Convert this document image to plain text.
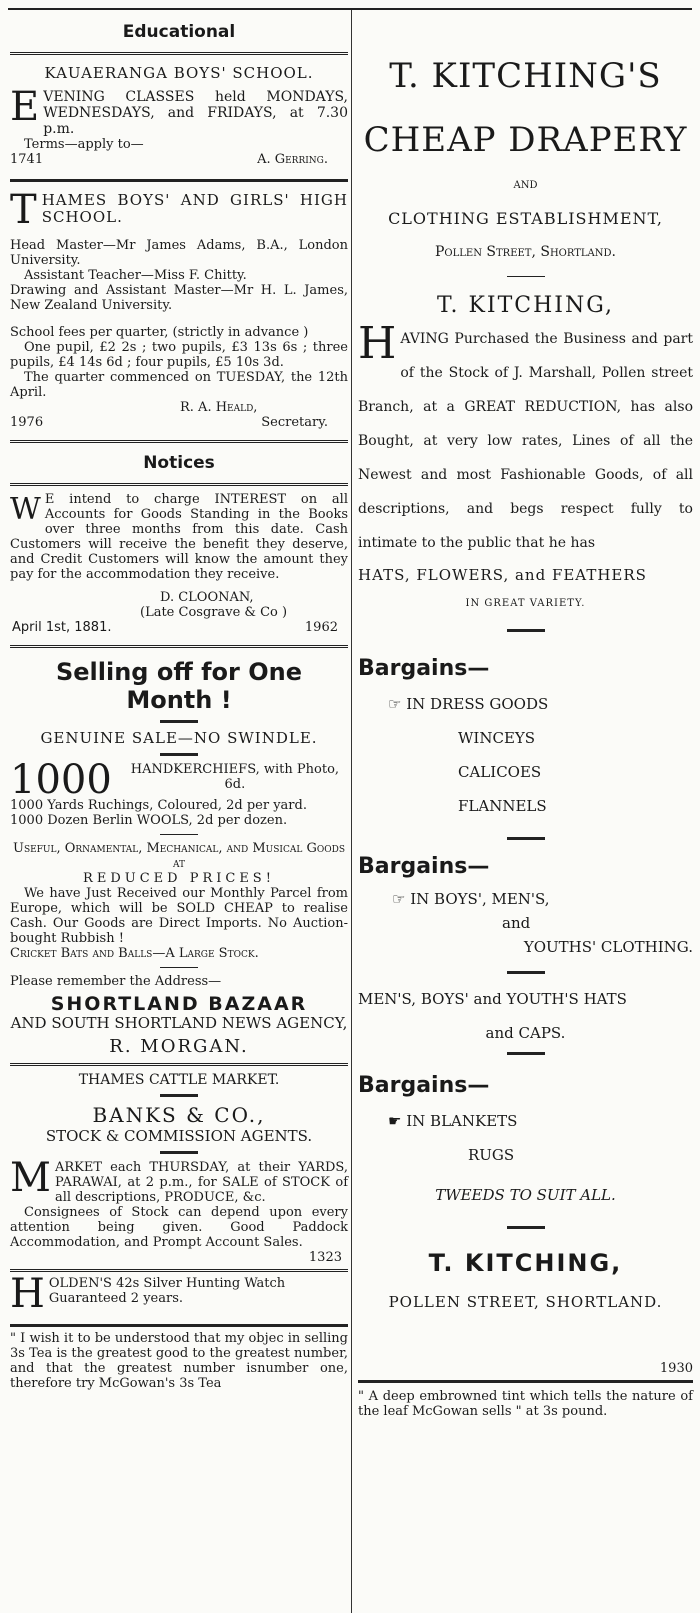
Educational

KAUAERANGA BOYS' SCHOOL.

EVENING CLASSES held MONDAYS, WEDNESDAYS, and FRIDAYS, at 7.30 p.m.

Terms—apply to—

1741	A. Gerring.

THAMES BOYS' AND GIRLS' HIGH SCHOOL.

Head Master—Mr James Adams, B.A., London University.

Assistant Teacher—Miss F. Chitty.

Drawing and Assistant Master—Mr H. L. James, New Zealand University.

School fees per quarter, (strictly in advance )

One pupil, £2 2s ; two pupils, £3 13s 6s ; three pupils, £4 14s 6d ; four pupils, £5 10s 3d.

The quarter commenced on TUESDAY, the 12th April.

R. A. Heald,

1976	Secretary.
Notices

W E intend to charge INTEREST on all Accounts for Goods Standing in the Books over three months from this date. Cash Customers will receive the benefit they deserve, and Credit Customers will know the amount they pay for the accommodation they receive.

D. CLOONAN,

(Late Cosgrave & Co )

April 1st, 1881.	1962

Selling off for One Month !

GENUINE SALE—NO SWINDLE.

1000	HANDKERCHIEFS, with Photo, 6d.

1000 Yards Ruchings, Coloured, 2d per yard.

1000 Dozen Berlin WOOLS, 2d per dozen.

Useful, Ornamental, Mechanical, and Musical Goods at

REDUCED PRICES!

We have Just Received our Monthly Parcel from Europe, which will be SOLD CHEAP to realise Cash. Our Goods are Direct Imports. No Auction-bought Rubbish !

Cricket Bats and Balls—A Large Stock.

Please remember the Address—

SHORTLAND BAZAAR

AND SOUTH SHORTLAND NEWS AGENCY,

R. MORGAN.

THAMES CATTLE MARKET.

BANKS & CO.,

STOCK & COMMISSION AGENTS.

MARKET each THURSDAY, at their YARDS, PARAWAI, at 2 p.m., for SALE of STOCK of all descriptions, PRODUCE, &c.

Consignees of Stock can depend upon every attention being given. Good Paddock Accommodation, and Prompt Account Sales.

1323

HOLDEN'S 42s Silver Hunting Watch Guaranteed 2 years.

" I wish it to be understood that my objec in selling 3s Tea is the greatest good to the greatest number, and that the greatest number isnumber one, therefore try McGowan's 3s Tea

T. KITCHING'S

CHEAP DRAPERY

AND

CLOTHING ESTABLISHMENT,

Pollen Street, Shortland.

T. KITCHING,

HAVING Purchased the Business and part of the Stock of J. Marshall, Pollen street Branch, at a GREAT REDUCTION, has also Bought, at very low rates, Lines of all the Newest and most Fashionable Goods, of all descriptions, and begs respect fully to intimate to the public that he has

HATS, FLOWERS, and FEATHERS

IN GREAT VARIETY.

Bargains—

☞ IN DRESS GOODS

WINCEYS

CALICOES

FLANNELS

Bargains—

☞ IN BOYS', MEN'S,

and

YOUTHS' CLOTHING.

MEN'S, BOYS' and YOUTH'S HATS

and CAPS.

Bargains—

☛ IN BLANKETS

RUGS

TWEEDS TO SUIT ALL.

T. KITCHING,

POLLEN STREET, SHORTLAND.

1930

" A deep embrowned tint which tells the nature of the leaf McGowan sells " at 3s pound.
